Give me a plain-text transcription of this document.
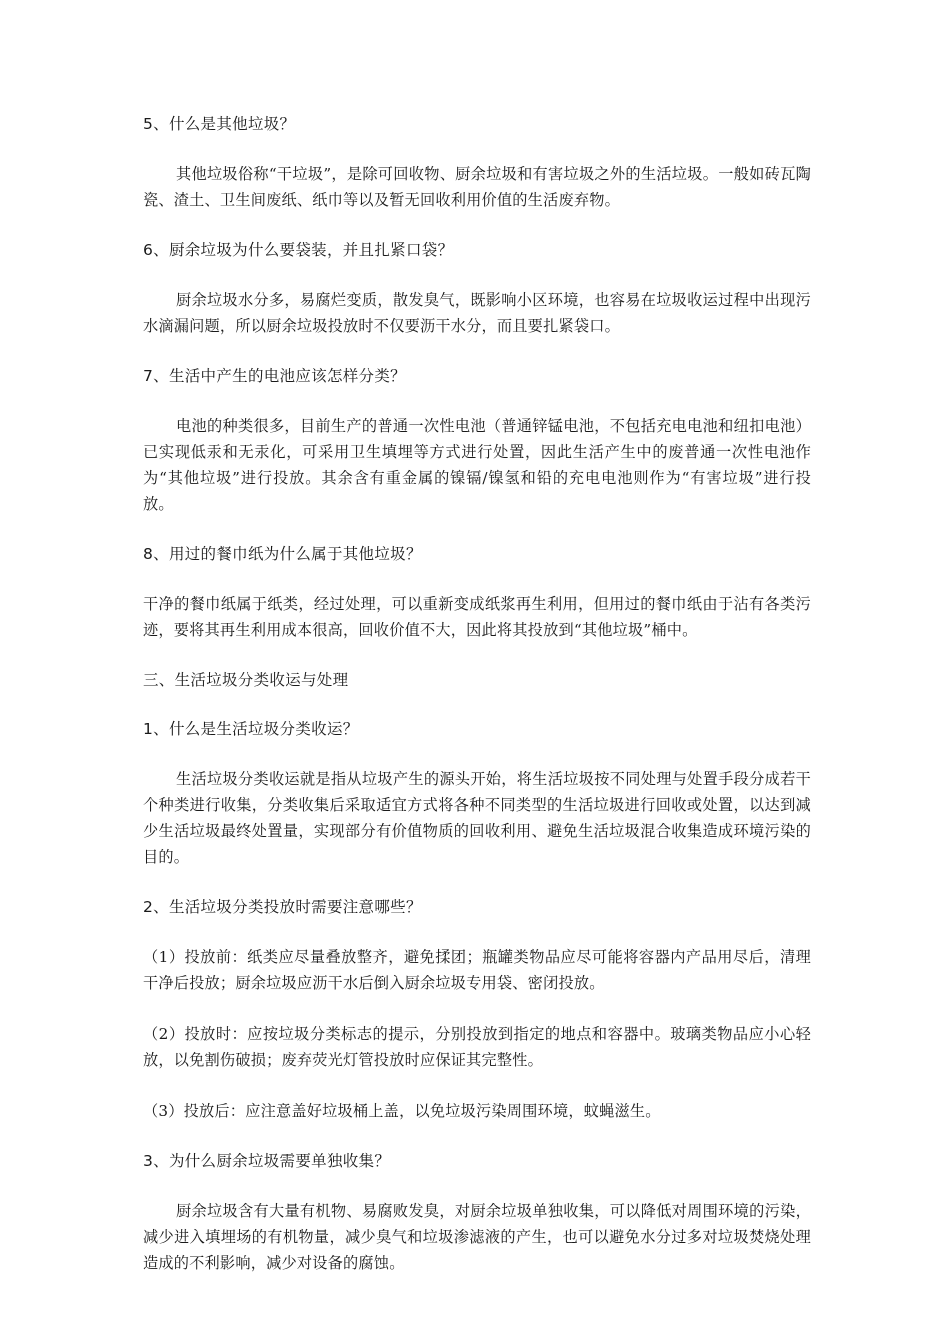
5、什么是其他垃圾？
其他垃圾俗称“干垃圾”，是除可回收物、厨余垃圾和有害垃圾之外的生活垃圾。一般如砖瓦陶瓷、渣土、卫生间废纸、纸巾等以及暂无回收利用价值的生活废弃物。
6、厨余垃圾为什么要袋装，并且扎紧口袋？
厨余垃圾水分多，易腐烂变质，散发臭气，既影响小区环境，也容易在垃圾收运过程中出现污水滴漏问题，所以厨余垃圾投放时不仅要沥干水分，而且要扎紧袋口。
7、生活中产生的电池应该怎样分类？
电池的种类很多，目前生产的普通一次性电池（普通锌锰电池，不包括充电电池和纽扣电池）已实现低汞和无汞化，可采用卫生填埋等方式进行处置，因此生活产生中的废普通一次性电池作为“其他垃圾”进行投放。其余含有重金属的镍镉/镍氢和铅的充电电池则作为“有害垃圾”进行投放。
8、用过的餐巾纸为什么属于其他垃圾？
干净的餐巾纸属于纸类，经过处理，可以重新变成纸浆再生利用，但用过的餐巾纸由于沾有各类污迹，要将其再生利用成本很高，回收价值不大，因此将其投放到“其他垃圾”桶中。
三、生活垃圾分类收运与处理
1、什么是生活垃圾分类收运？
生活垃圾分类收运就是指从垃圾产生的源头开始，将生活垃圾按不同处理与处置手段分成若干个种类进行收集，分类收集后采取适宜方式将各种不同类型的生活垃圾进行回收或处置，以达到减少生活垃圾最终处置量，实现部分有价值物质的回收利用、避免生活垃圾混合收集造成环境污染的目的。
2、生活垃圾分类投放时需要注意哪些？
（1）投放前：纸类应尽量叠放整齐，避免揉团；瓶罐类物品应尽可能将容器内产品用尽后，清理干净后投放；厨余垃圾应沥干水后倒入厨余垃圾专用袋、密闭投放。
（2）投放时：应按垃圾分类标志的提示，分别投放到指定的地点和容器中。玻璃类物品应小心轻放，以免割伤破损；废弃荧光灯管投放时应保证其完整性。
（3）投放后：应注意盖好垃圾桶上盖，以免垃圾污染周围环境，蚊蝇滋生。
3、为什么厨余垃圾需要单独收集？
厨余垃圾含有大量有机物、易腐败发臭，对厨余垃圾单独收集，可以降低对周围环境的污染，减少进入填埋场的有机物量，减少臭气和垃圾渗滤液的产生，也可以避免水分过多对垃圾焚烧处理造成的不利影响，减少对设备的腐蚀。
